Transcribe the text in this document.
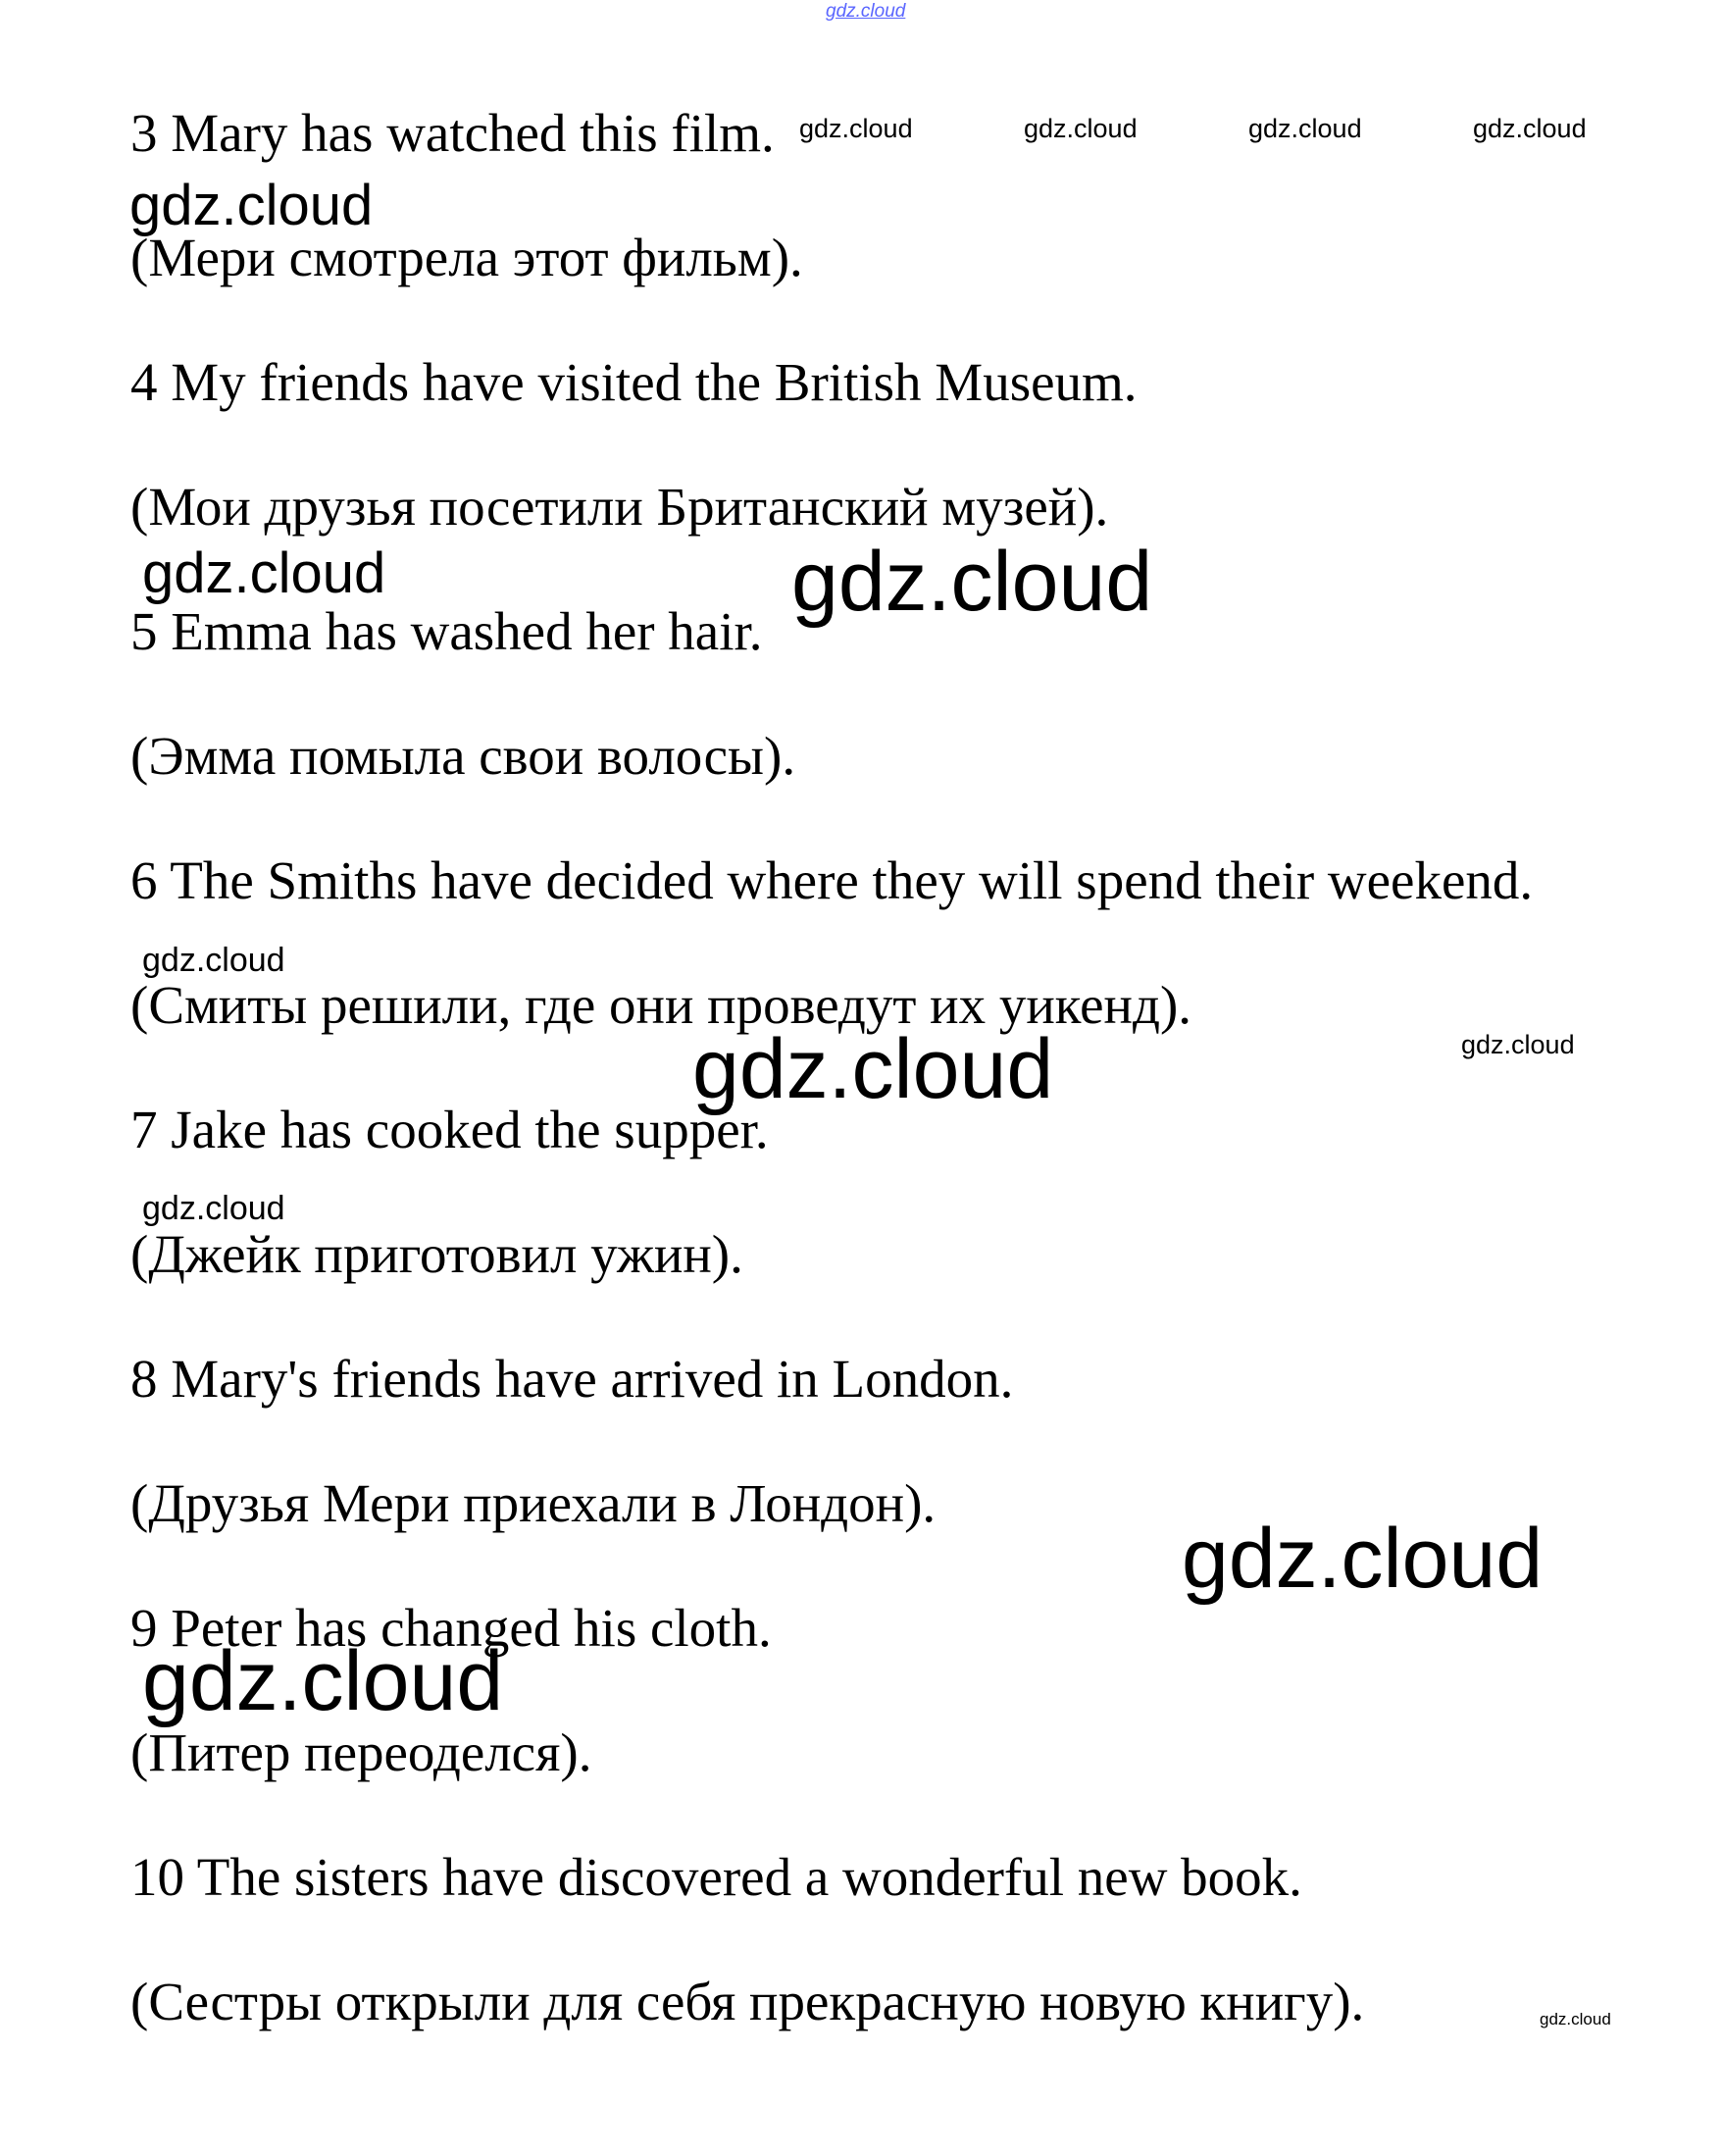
gdz.cloud
gdz.cloud	gdz.cloud	gdz.cloud	gdz.cloud
gdz.cloud
gdz.cloud	gdz.cloud
gdz.cloud
gdz.cloud	gdz.cloud
gdz.cloud
gdz.cloud
gdz.cloud
gdz.cloud

3 Mary has watched this film.

(Мери смотрела этот фильм).

4 My friends have visited the British Museum.

(Мои друзья посетили Британский музей).

5 Emma has washed her hair.

(Эмма помыла свои волосы).

6 The Smiths have decided where they will spend their weekend.

(Смиты решили, где они проведут их уикенд).

7 Jake has cooked the supper.

(Джейк приготовил ужин).

8 Mary's friends have arrived in London.

(Друзья Мери приехали в Лондон).

9 Peter has changed his cloth.

(Питер переоделся).

10 The sisters have discovered a wonderful new book.

(Сестры открыли для себя прекрасную новую книгу).
